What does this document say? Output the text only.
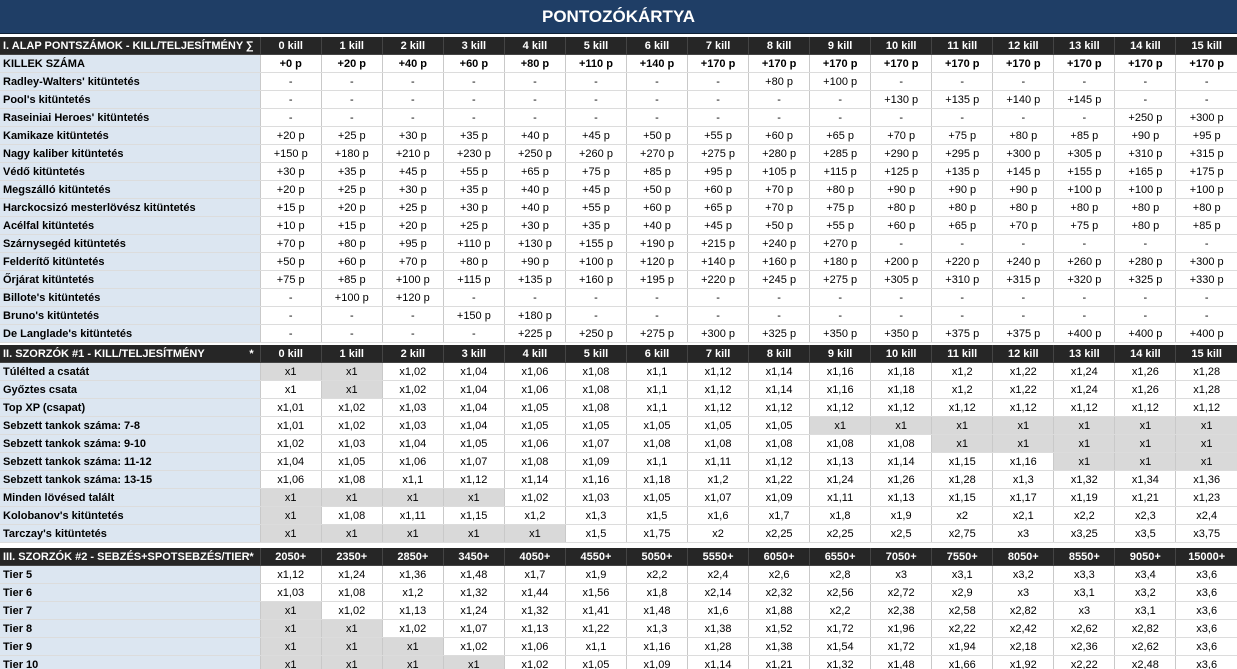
PONTOZÓKÁRTYA
∑
I. ALAP PONTSZÁMOK - KILL/TELJESÍTMÉNY	0 kill	1 kill	2 kill	3 kill	4 kill	5 kill	6 kill	7 kill	8 kill	9 kill	10 kill	11 kill	12 kill	13 kill	14 kill	15 kill
KILLEK SZÁMA	+0 p	+20 p	+40 p	+60 p	+80 p	+110 p	+140 p	+170 p	+170 p	+170 p	+170 p	+170 p	+170 p	+170 p	+170 p	+170 p
Radley-Walters' kitüntetés	-	-	-	-	-	-	-	-	+80 p	+100 p	-	-	-	-	-	-
Pool's kitüntetés	-	-	-	-	-	-	-	-	-	-	+130 p	+135 p	+140 p	+145 p	-	-
Raseiniai Heroes' kitüntetés	-	-	-	-	-	-	-	-	-	-	-	-	-	-	+250 p	+300 p
Kamikaze kitüntetés	+20 p	+25 p	+30 p	+35 p	+40 p	+45 p	+50 p	+55 p	+60 p	+65 p	+70 p	+75 p	+80 p	+85 p	+90 p	+95 p
Nagy kaliber kitüntetés	+150 p	+180 p	+210 p	+230 p	+250 p	+260 p	+270 p	+275 p	+280 p	+285 p	+290 p	+295 p	+300 p	+305 p	+310 p	+315 p
Védő kitüntetés	+30 p	+35 p	+45 p	+55 p	+65 p	+75 p	+85 p	+95 p	+105 p	+115 p	+125 p	+135 p	+145 p	+155 p	+165 p	+175 p
Megszálló kitüntetés	+20 p	+25 p	+30 p	+35 p	+40 p	+45 p	+50 p	+60 p	+70 p	+80 p	+90 p	+90 p	+90 p	+100 p	+100 p	+100 p
Harckocsizó mesterlövész kitüntetés	+15 p	+20 p	+25 p	+30 p	+40 p	+55 p	+60 p	+65 p	+70 p	+75 p	+80 p	+80 p	+80 p	+80 p	+80 p	+80 p
Acélfal kitüntetés	+10 p	+15 p	+20 p	+25 p	+30 p	+35 p	+40 p	+45 p	+50 p	+55 p	+60 p	+65 p	+70 p	+75 p	+80 p	+85 p
Szárnysegéd kitüntetés	+70 p	+80 p	+95 p	+110 p	+130 p	+155 p	+190 p	+215 p	+240 p	+270 p	-	-	-	-	-	-
Felderítő kitüntetés	+50 p	+60 p	+70 p	+80 p	+90 p	+100 p	+120 p	+140 p	+160 p	+180 p	+200 p	+220 p	+240 p	+260 p	+280 p	+300 p
Őrjárat kitüntetés	+75 p	+85 p	+100 p	+115 p	+135 p	+160 p	+195 p	+220 p	+245 p	+275 p	+305 p	+310 p	+315 p	+320 p	+325 p	+330 p
Billote's kitüntetés	-	+100 p	+120 p	-	-	-	-	-	-	-	-	-	-	-	-	-
Bruno's kitüntetés	-	-	-	+150 p	+180 p	-	-	-	-	-	-	-	-	-	-	-
De Langlade's kitüntetés	-	-	-	-	+225 p	+250 p	+275 p	+300 p	+325 p	+350 p	+350 p	+375 p	+375 p	+400 p	+400 p	+400 p
*
II. SZORZÓK #1 - KILL/TELJESÍTMÉNY	0 kill	1 kill	2 kill	3 kill	4 kill	5 kill	6 kill	7 kill	8 kill	9 kill	10 kill	11 kill	12 kill	13 kill	14 kill	15 kill
Túlélted a csatát	x1	x1	x1,02	x1,04	x1,06	x1,08	x1,1	x1,12	x1,14	x1,16	x1,18	x1,2	x1,22	x1,24	x1,26	x1,28
Győztes csata	x1	x1	x1,02	x1,04	x1,06	x1,08	x1,1	x1,12	x1,14	x1,16	x1,18	x1,2	x1,22	x1,24	x1,26	x1,28
Top XP (csapat)	x1,01	x1,02	x1,03	x1,04	x1,05	x1,08	x1,1	x1,12	x1,12	x1,12	x1,12	x1,12	x1,12	x1,12	x1,12	x1,12
Sebzett tankok száma: 7-8	x1,01	x1,02	x1,03	x1,04	x1,05	x1,05	x1,05	x1,05	x1,05	x1	x1	x1	x1	x1	x1	x1
Sebzett tankok száma: 9-10	x1,02	x1,03	x1,04	x1,05	x1,06	x1,07	x1,08	x1,08	x1,08	x1,08	x1,08	x1	x1	x1	x1	x1
Sebzett tankok száma: 11-12	x1,04	x1,05	x1,06	x1,07	x1,08	x1,09	x1,1	x1,11	x1,12	x1,13	x1,14	x1,15	x1,16	x1	x1	x1
Sebzett tankok száma: 13-15	x1,06	x1,08	x1,1	x1,12	x1,14	x1,16	x1,18	x1,2	x1,22	x1,24	x1,26	x1,28	x1,3	x1,32	x1,34	x1,36
Minden lövésed talált	x1	x1	x1	x1	x1,02	x1,03	x1,05	x1,07	x1,09	x1,11	x1,13	x1,15	x1,17	x1,19	x1,21	x1,23
Kolobanov's kitüntetés	x1	x1,08	x1,11	x1,15	x1,2	x1,3	x1,5	x1,6	x1,7	x1,8	x1,9	x2	x2,1	x2,2	x2,3	x2,4
Tarczay's kitüntetés	x1	x1	x1	x1	x1	x1,5	x1,75	x2	x2,25	x2,25	x2,5	x2,75	x3	x3,25	x3,5	x3,75
*
III. SZORZÓK #2 - SEBZÉS+SPOTSEBZÉS/TIER	2050+	2350+	2850+	3450+	4050+	4550+	5050+	5550+	6050+	6550+	7050+	7550+	8050+	8550+	9050+	15000+
Tier 5	x1,12	x1,24	x1,36	x1,48	x1,7	x1,9	x2,2	x2,4	x2,6	x2,8	x3	x3,1	x3,2	x3,3	x3,4	x3,6
Tier 6	x1,03	x1,08	x1,2	x1,32	x1,44	x1,56	x1,8	x2,14	x2,32	x2,56	x2,72	x2,9	x3	x3,1	x3,2	x3,6
Tier 7	x1	x1,02	x1,13	x1,24	x1,32	x1,41	x1,48	x1,6	x1,88	x2,2	x2,38	x2,58	x2,82	x3	x3,1	x3,6
Tier 8	x1	x1	x1,02	x1,07	x1,13	x1,22	x1,3	x1,38	x1,52	x1,72	x1,96	x2,22	x2,42	x2,62	x2,82	x3,6
Tier 9	x1	x1	x1	x1,02	x1,06	x1,1	x1,16	x1,28	x1,38	x1,54	x1,72	x1,94	x2,18	x2,36	x2,62	x3,6
Tier 10	x1	x1	x1	x1	x1,02	x1,05	x1,09	x1,14	x1,21	x1,32	x1,48	x1,66	x1,92	x2,22	x2,48	x3,6
